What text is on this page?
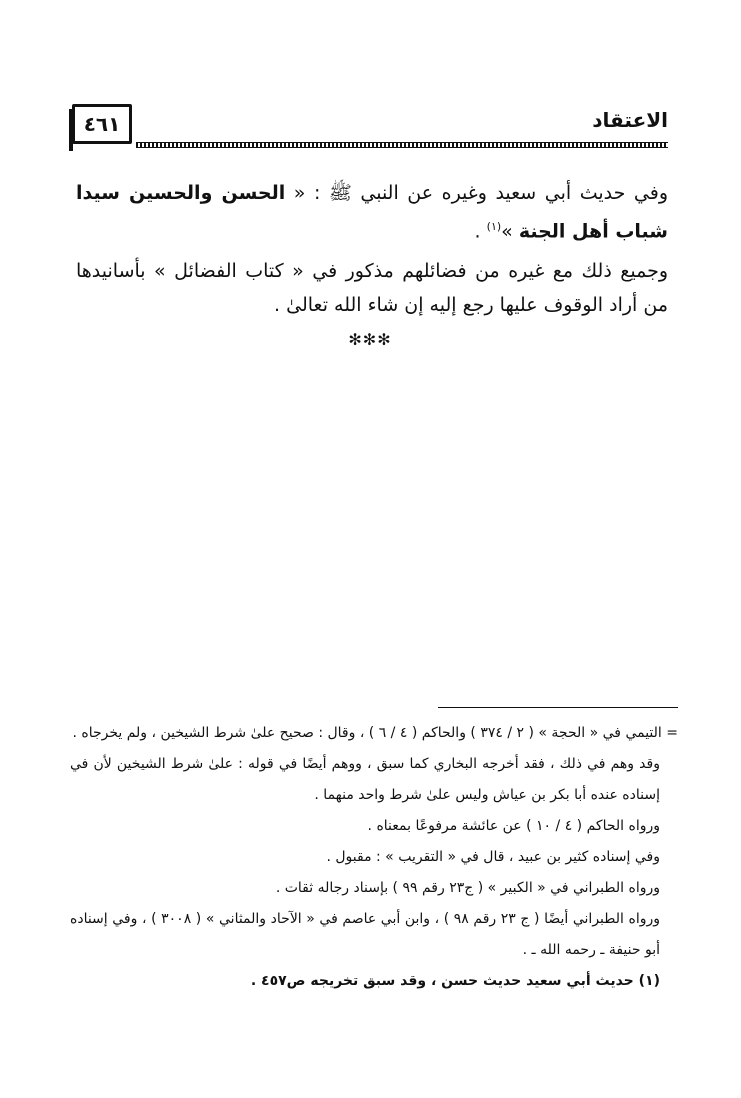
٤٦١	الاعتقاد
وفي حديث أبي سعيد وغيره عن النبي ﷺ : « الحسن والحسين سيدا شباب أهل الجنة »$^{(١)}$ .
وجميع ذلك مع غيره من فضائلهم مذكور في « كتاب الفضائل » بأسانيدها من أراد الوقوف عليها رجع إليه إن شاء الله تعالىٰ .
✻✻✻
= التيمي في « الحجة » ( ٢ / ٣٧٤ ) والحاكم ( ٤ / ٦ ) ، وقال : صحيح علىٰ شرط الشيخين ، ولم يخرجاه .
وقد وهم في ذلك ، فقد أخرجه البخاري كما سبق ، ووهم أيضًا في قوله : علىٰ شرط الشيخين لأن في إسناده عنده أبا بكر بن عياش وليس علىٰ شرط واحد منهما .
ورواه الحاكم ( ٤ / ١٠ ) عن عائشة مرفوعًا بمعناه .
وفي إسناده كثير بن عبيد ، قال في « التقريب » : مقبول .
ورواه الطبراني في « الكبير » ( ج٢٣ رقم ٩٩ ) بإسناد رجاله ثقات .
ورواه الطبراني أيضًا ( ج ٢٣ رقم ٩٨ ) ، وابن أبي عاصم في « الآحاد والمثاني » ( ٣٠٠٨ ) ، وفي إسناده أبو حنيفة ـ رحمه الله ـ .
(١) حديث أبي سعيد حديث حسن ، وقد سبق تخريجه ص٤٥٧ .
